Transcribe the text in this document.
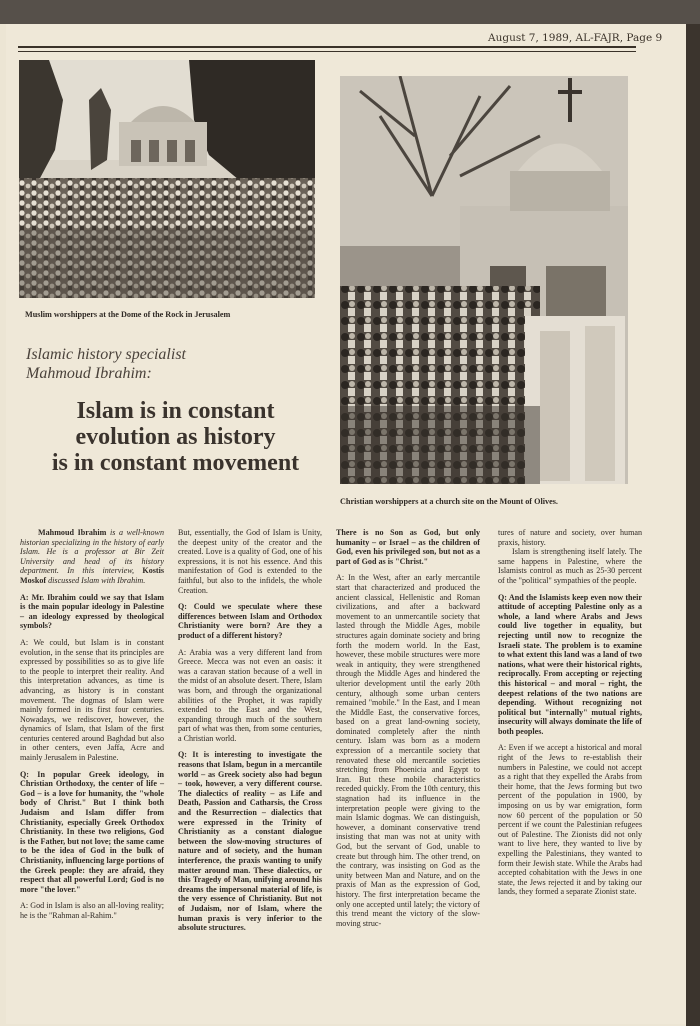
August 7, 1989, AL-FAJR, Page 9
Muslim worshippers at the Dome of the Rock in Jerusalem
Christian worshippers at a church site on the Mount of Olives.
Islamic history specialist
Mahmoud Ibrahim:
Islam is in constant
evolution as history
is in constant movement

Mahmoud Ibrahim is a well-known historian specializing in the history of early Islam. He is a professor at Bir Zeit University and head of its history department. In this interview, Kostis Moskof discussed Islam with Ibrahim.

A: Mr. Ibrahim could we say that Islam is the main popular ideology in Palestine – an ideology expressed by theological symbols?

A: We could, but Islam is in constant evolution, in the sense that its principles are expressed by possibilities so as to give life to the people to interpret their reality. And this interpretation advances, as time is advancing, as history is in constant movement. The dogmas of Islam were mainly formed in its first four centuries. Nowadays, we rediscover, however, the dynamics of Islam, that Islam of the first centuries centered around Baghdad but also in other centers, even Jaffa, Acre and mainly Jerusalem in Palestine.

Q: In popular Greek ideology, in Christian Orthodoxy, the center of life – God – is a love for humanity, the "whole body of Christ." But I think both Judaism and Islam differ from Christianity, especially Greek Orthodox Christianity. In these two religions, God is the Father, but not love; the same came to be the idea of God in the bulk of Christianity, influencing large portions of the Greek people: they are afraid, they respect that all powerful Lord; God is no more "the lover."

A: God in Islam is also an all-loving reality; he is the "Rahman al-Rahim."

But, essentially, the God of Islam is Unity, the deepest unity of the creator and the created. Love is a quality of God, one of his expressions, it is not his essence. And this manifestation of God is extended to the faithful, but also to the infidels, the whole Creation.

Q: Could we speculate where these differences between Islam and Orthodox Christianity were born? Are they a product of a different history?

A: Arabia was a very different land from Greece. Mecca was not even an oasis: it was a caravan station because of a well in the midst of an absolute desert. There, Islam was born, and through the organizational abilities of the Prophet, it was rapidly extended to the East and the West, expanding through much of the southern part of what was then, from some centuries, a Christian world.

Q: It is interesting to investigate the reasons that Islam, begun in a mercantile world – as Greek society also had begun – took, however, a very different course. The dialectics of reality – as Life and Death, Passion and Catharsis, the Cross and the Resurrection – dialectics that were expressed in the Trinity of Christianity as a constant dialogue between the slow-moving structures of nature and of society, and the human interference, the praxis wanting to unify matter around man. These dialectics, or this Tragedy of Man, unifying around his dreams the impersonal material of life, is the very essence of Christianity. But not of Judaism, nor of Islam, where the human praxis is very inferior to the absolute structures.

There is no Son as God, but only humanity – or Israel – as the children of God, even his privileged son, but not as a part of God as is "Christ."

A: In the West, after an early mercantile start that characterized and produced the ancient classical, Hellenistic and Roman civilizations, and after a backward movement to an unmercantile society that lasted through the Middle Ages, mobile structures again dominate society and bring forth the modern world. In the East, however, these mobile structures were more weak in antiquity, they were strengthened through the Middle Ages and hindered the ulterior development until the early 20th century, although some urban centers remained "mobile." In the East, and I mean the Middle East, the conservative forces, based on a great land-owning society, dominated completely after the ninth century. Islam was born as a modern expression of a mercantile society that renovated these old mercantile societies stretching from Phoenicia and Egypt to Iran. But these mobile characteristics receded quickly. From the 10th century, this stagnation had its influence in the interpretation people were giving to the main Islamic dogmas. We can distinguish, however, a dominant conservative trend insisting that man was not at unity with God, but the servant of God, unable to create but through him. The other trend, on the contrary, was insisting on God as the unity between Man and Nature, and on the praxis of Man as the expression of God, history. The first interpretation became the only one accepted until lately; the victory of this trend meant the victory of the slow-moving struc-

tures of nature and society, over human praxis, history.

Islam is strengthening itself lately. The same happens in Palestine, where the Islamists control as much as 25-30 percent of the "political" sympathies of the people.

Q: And the Islamists keep even now their attitude of accepting Palestine only as a whole, a land where Arabs and Jews could live together in equality, but rejecting until now to recognize the Israeli state. The problem is to examine to what extent this land was a land of two nations, what were their historical rights, reciprocally. From accepting or rejecting this historical – and moral – right, the deepest relations of the two nations are depending. Without recognizing not political but "internally" mutual rights, insecurity will always dominate the life of both peoples.

A: Even if we accept a historical and moral right of the Jews to re-establish their numbers in Palestine, we could not accept as a right that they expelled the Arabs from their home, that the Jews forming but two percent of the population in 1900, by imposing on us by war emigration, form now 60 percent of the population or 50 percent if we count the Palestinian refugees out of Palestine. The Zionists did not only want to live here, they wanted to live by expelling the Palestinians, they wanted to form their Jewish state. While the Arabs had accepted cohabitation with the Jews in one state, the Jews rejected it and by taking our lands, they formed a separate Zionist state.
